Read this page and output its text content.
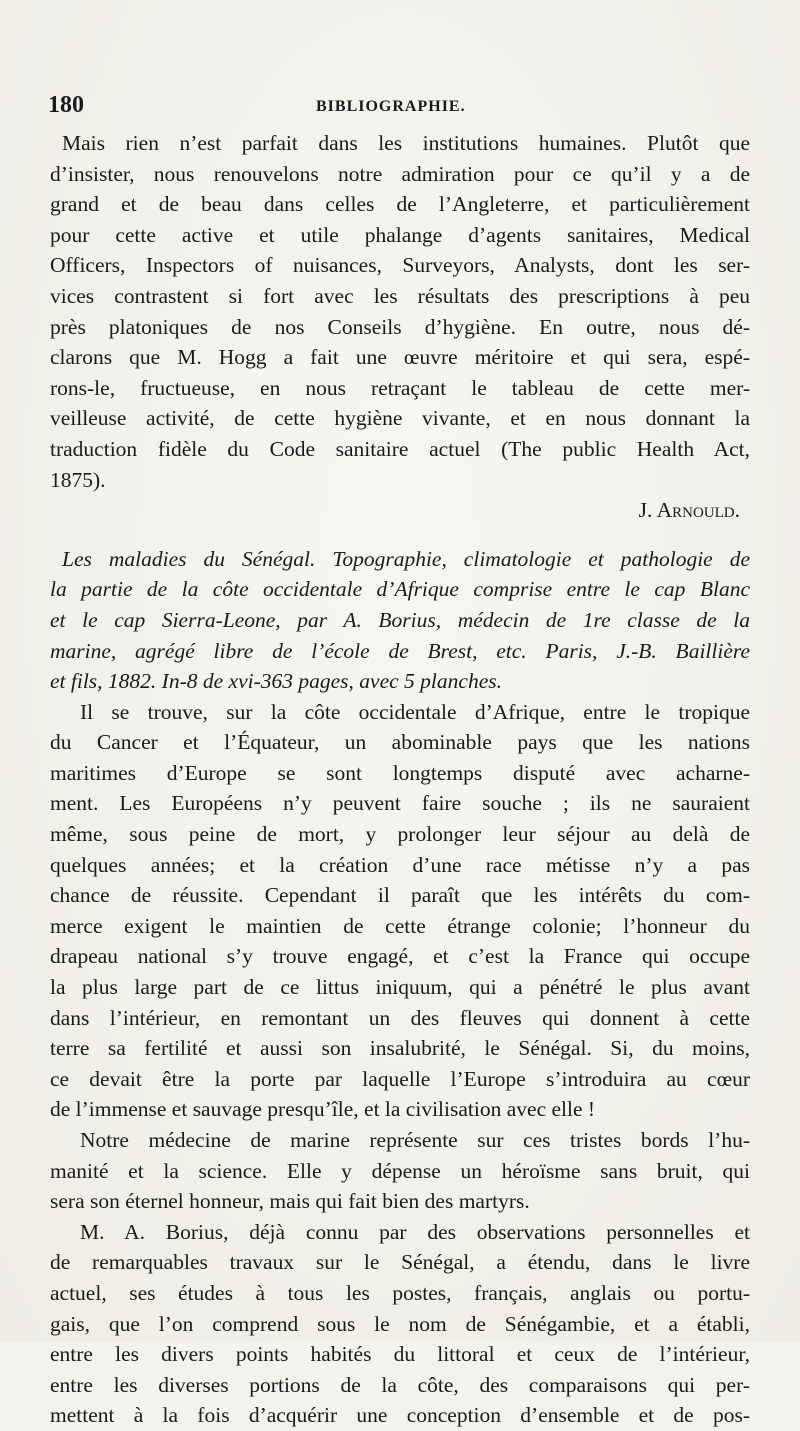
180	BIBLIOGRAPHIE.

Mais rien n’est parfait dans les institutions humaines. Plutôt que

d’insister, nous renouvelons notre admiration pour ce qu’il y a de

grand et de beau dans celles de l’Angleterre, et particulièrement

pour cette active et utile phalange d’agents sanitaires, Medical

Officers, Inspectors of nuisances, Surveyors, Analysts, dont les ser-

vices contrastent si fort avec les résultats des prescriptions à peu

près platoniques de nos Conseils d’hygiène. En outre, nous dé-

clarons que M. Hogg a fait une œuvre méritoire et qui sera, espé-

rons-le, fructueuse, en nous retraçant le tableau de cette mer-

veilleuse activité, de cette hygiène vivante, et en nous donnant la

traduction fidèle du Code sanitaire actuel (The public Health Act,

1875).

J. Arnould.

Les maladies du Sénégal. Topographie, climatologie et pathologie de

la partie de la côte occidentale d’Afrique comprise entre le cap Blanc

et le cap Sierra-Leone, par A. Borius, médecin de 1re classe de la

marine, agrégé libre de l’école de Brest, etc. Paris, J.-B. Baillière

et fils, 1882. In-8 de xvi-363 pages, avec 5 planches.

Il se trouve, sur la côte occidentale d’Afrique, entre le tropique

du Cancer et l’Équateur, un abominable pays que les nations

maritimes d’Europe se sont longtemps disputé avec acharne-

ment. Les Européens n’y peuvent faire souche ; ils ne sauraient

même, sous peine de mort, y prolonger leur séjour au delà de

quelques années; et la création d’une race métisse n’y a pas

chance de réussite. Cependant il paraît que les intérêts du com-

merce exigent le maintien de cette étrange colonie; l’honneur du

drapeau national s’y trouve engagé, et c’est la France qui occupe

la plus large part de ce littus iniquum, qui a pénétré le plus avant

dans l’intérieur, en remontant un des fleuves qui donnent à cette

terre sa fertilité et aussi son insalubrité, le Sénégal. Si, du moins,

ce devait être la porte par laquelle l’Europe s’introduira au cœur

de l’immense et sauvage presqu’île, et la civilisation avec elle !

Notre médecine de marine représente sur ces tristes bords l’hu-

manité et la science. Elle y dépense un héroïsme sans bruit, qui

sera son éternel honneur, mais qui fait bien des martyrs.

M. A. Borius, déjà connu par des observations personnelles et

de remarquables travaux sur le Sénégal, a étendu, dans le livre

actuel, ses études à tous les postes, français, anglais ou portu-

gais, que l’on comprend sous le nom de Sénégambie, et a établi,

entre les divers points habités du littoral et ceux de l’intérieur,

entre les diverses portions de la côte, des comparaisons qui per-

mettent à la fois d’acquérir une conception d’ensemble et de pos-
